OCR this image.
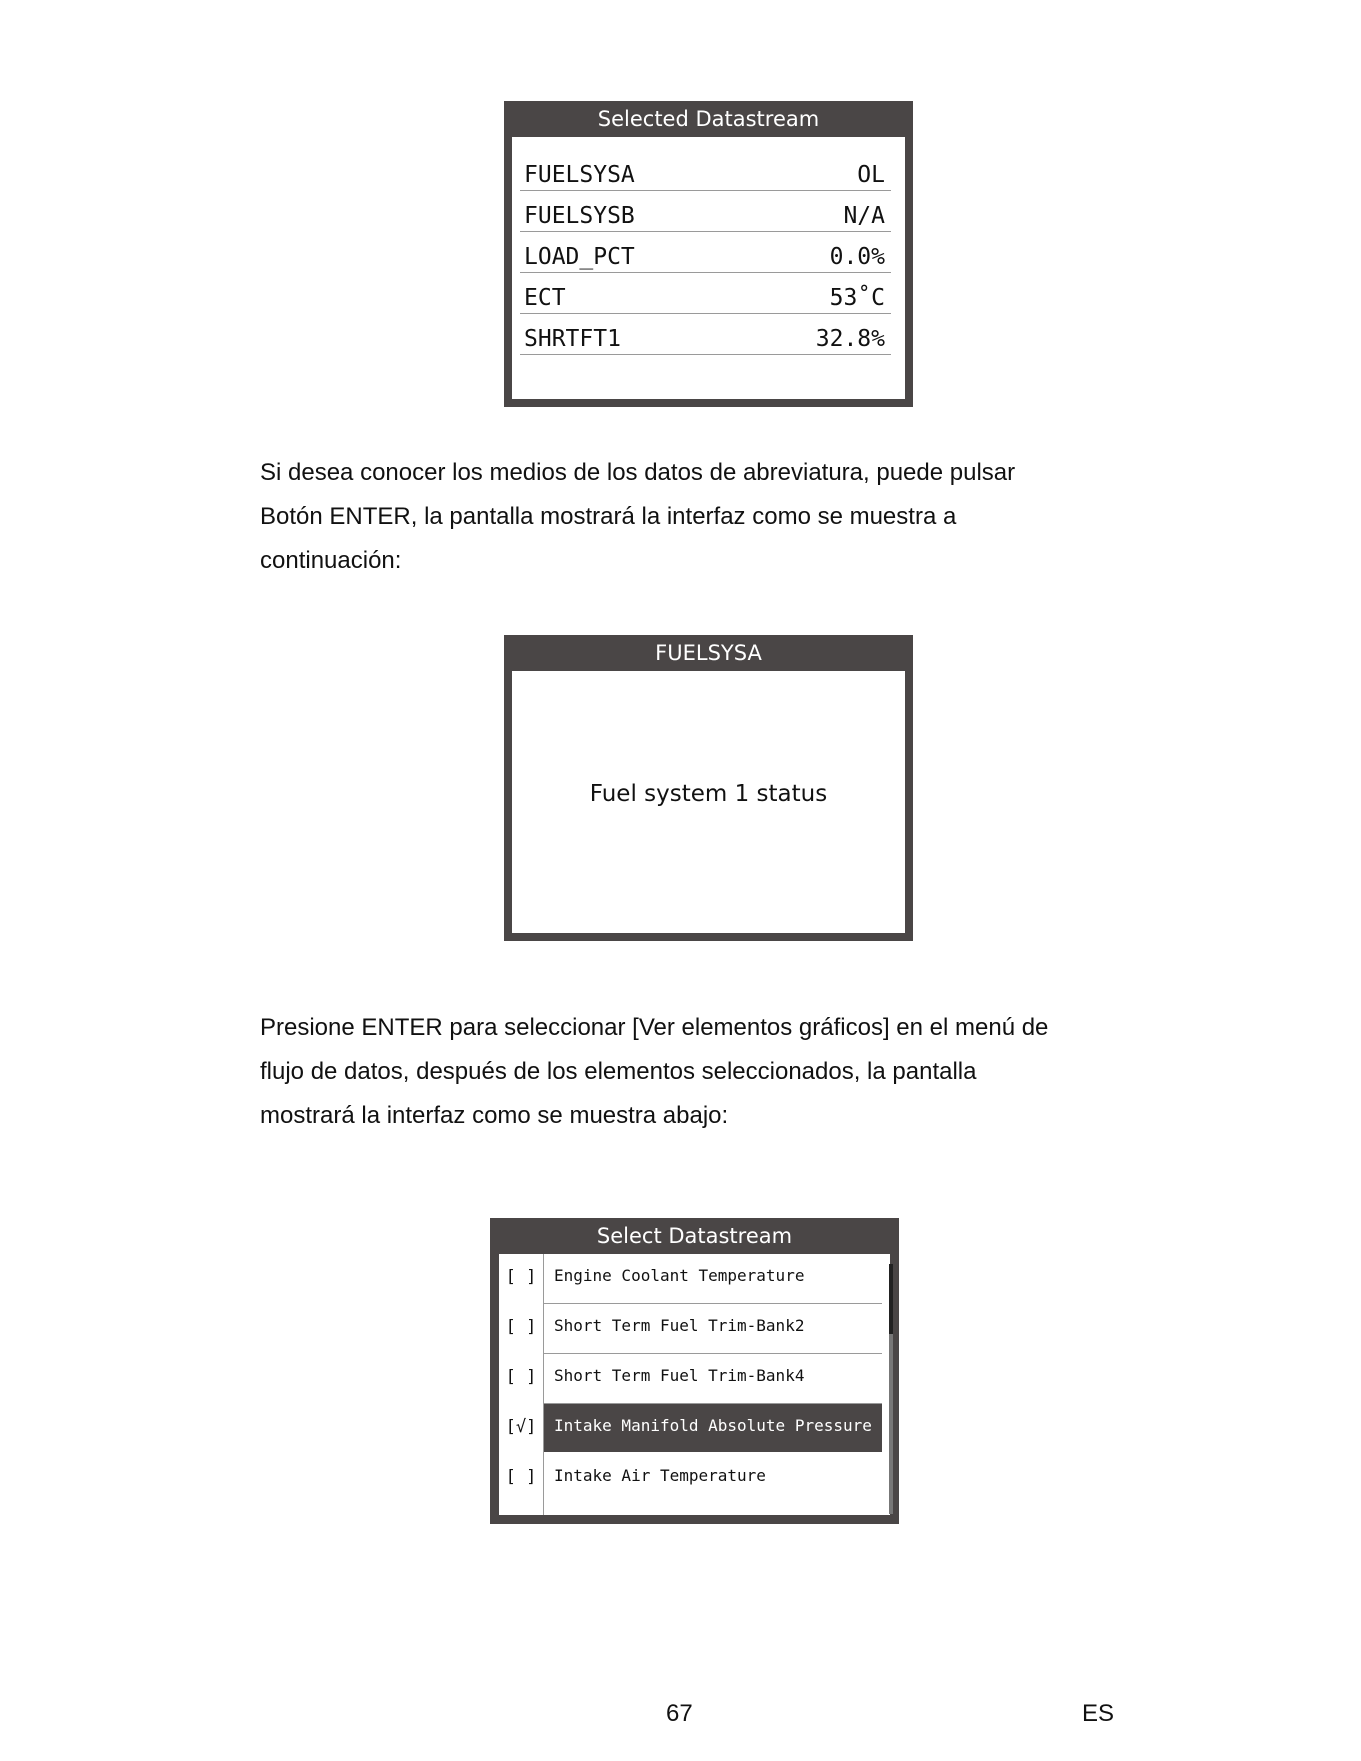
Selected Datastream
FUELSYSA	OL
FUELSYSB	N/A
LOAD_PCT	0.0%
ECT	53˚C
SHRTFT1	32.8%
Si desea conocer los medios de los datos de abreviatura, puede pulsar
Botón ENTER, la pantalla mostrará la interfaz como se muestra a
continuación:
FUELSYSA
Fuel system 1 status
Presione ENTER para seleccionar [Ver elementos gráficos] en el menú de
flujo de datos, después de los elementos seleccionados, la pantalla
mostrará la interfaz como se muestra abajo:
Select Datastream
[ ]	Engine Coolant Temperature
[ ]	Short Term Fuel Trim-Bank2
[ ]	Short Term Fuel Trim-Bank4
[√]	Intake Manifold Absolute Pressure
[ ]	Intake Air Temperature
67	ES
